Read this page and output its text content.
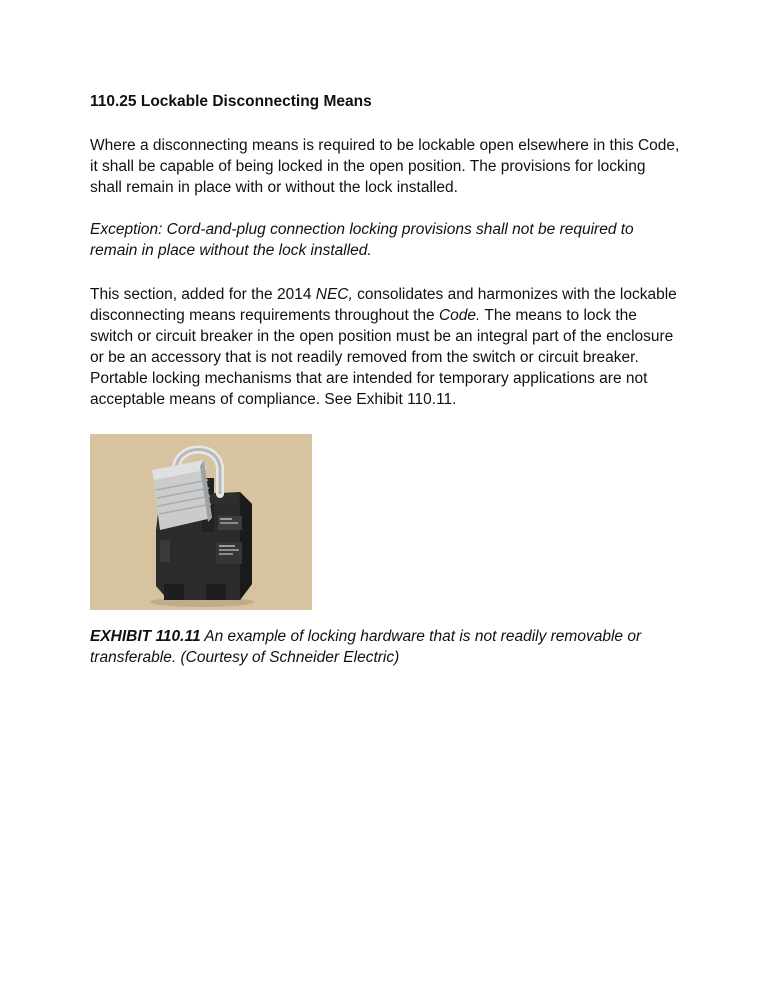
110.25 Lockable Disconnecting Means

Where a disconnecting means is required to be lockable open elsewhere in this Code, it shall be capable of being locked in the open position. The provisions for locking shall remain in place with or without the lock installed.

Exception: Cord-and-plug connection locking provisions shall not be required to remain in place without the lock installed.

This section, added for the 2014 NEC, consolidates and harmonizes with the lockable disconnecting means requirements throughout the Code. The means to lock the switch or circuit breaker in the open position must be an integral part of the enclosure or be an accessory that is not readily removed from the switch or circuit breaker. Portable locking mechanisms that are intended for temporary applications are not acceptable means of compliance. See Exhibit 110.11.

EXHIBIT 110.11 An example of locking hardware that is not readily removable or transferable. (Courtesy of Schneider Electric)
